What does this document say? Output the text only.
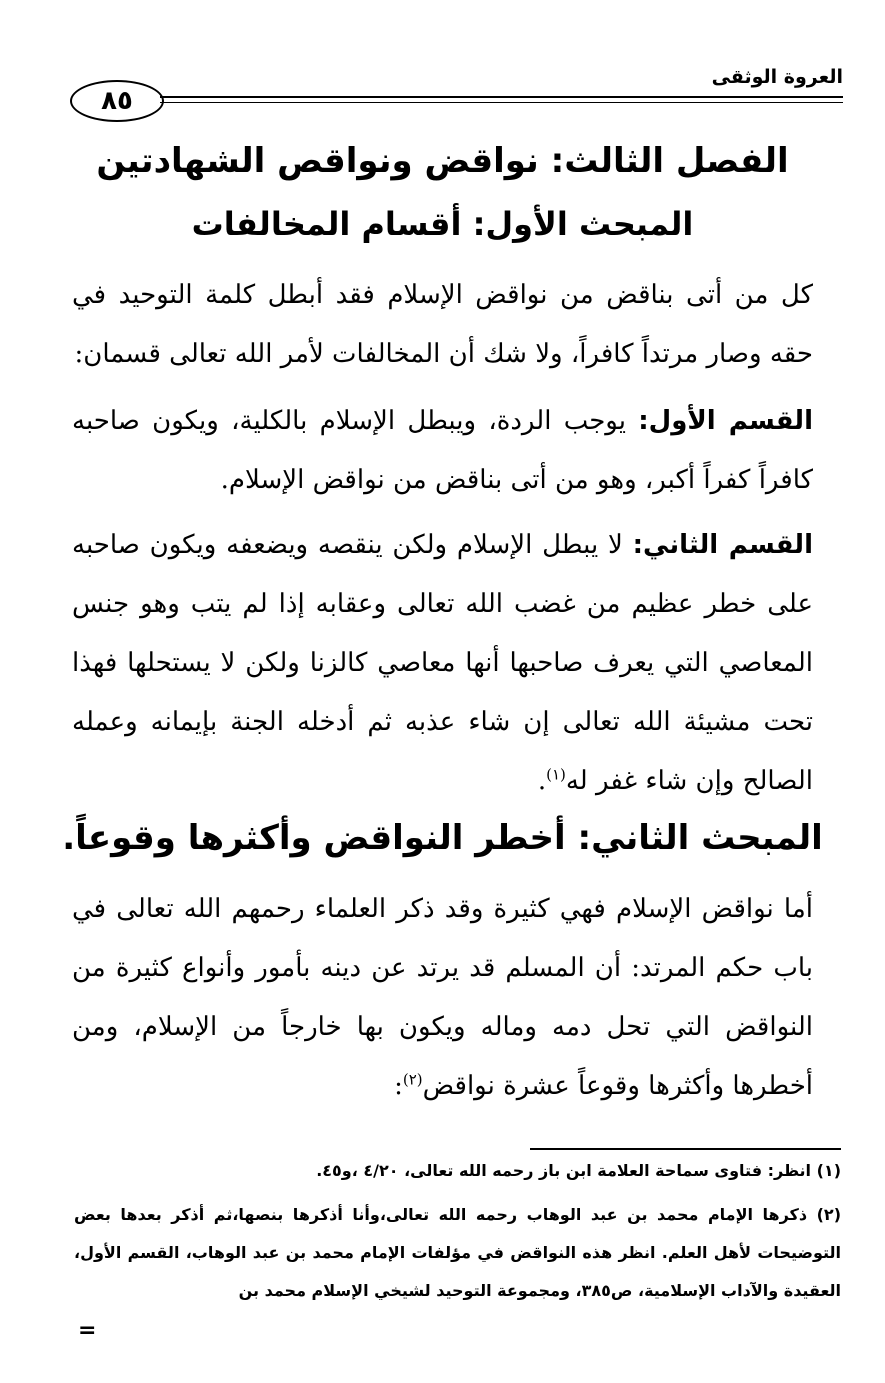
العروة الوثقى
٨٥
الفصل الثالث: نواقض ونواقص الشهادتين
المبحث الأول: أقسام المخالفات
كل من أتى بناقض من نواقض الإسلام فقد أبطل كلمة التوحيد في حقه وصار مرتداً كافراً، ولا شك أن المخالفات لأمر الله تعالى قسمان:
القسم الأول: يوجب الردة، ويبطل الإسلام بالكلية، ويكون صاحبه كافراً كفراً أكبر، وهو من أتى بناقض من نواقض الإسلام.
القسم الثاني: لا يبطل الإسلام ولكن ينقصه ويضعفه ويكون صاحبه على خطر عظيم من غضب الله تعالى وعقابه إذا لم يتب وهو جنس المعاصي التي يعرف صاحبها أنها معاصي كالزنا ولكن لا يستحلها فهذا تحت مشيئة الله تعالى إن شاء عذبه ثم أدخله الجنة بإيمانه وعمله الصالح وإن شاء غفر له$^{(١)}$.
المبحث الثاني: أخطر النواقض وأكثرها وقوعاً.
أما نواقض الإسلام فهي كثيرة وقد ذكر العلماء رحمهم الله تعالى في باب حكم المرتد: أن المسلم قد يرتد عن دينه بأمور وأنواع كثيرة من النواقض التي تحل دمه وماله ويكون بها خارجاً من الإسلام، ومن أخطرها وأكثرها وقوعاً عشرة نواقض$^{(٢)}$:
(١) انظر: فتاوى سماحة العلامة ابن باز رحمه الله تعالى، ٤/٢٠ ،و٤٥.
(٢) ذكرها الإمام محمد بن عبد الوهاب رحمه الله تعالى،وأنا أذكرها بنصها،ثم أذكر بعدها بعض التوضيحات لأهل العلم. انظر هذه النواقض في مؤلفات الإمام محمد بن عبد الوهاب، القسم الأول، العقيدة والآداب الإسلامية، ص٣٨٥، ومجموعة التوحيد لشيخي الإسلام محمد بن
=
